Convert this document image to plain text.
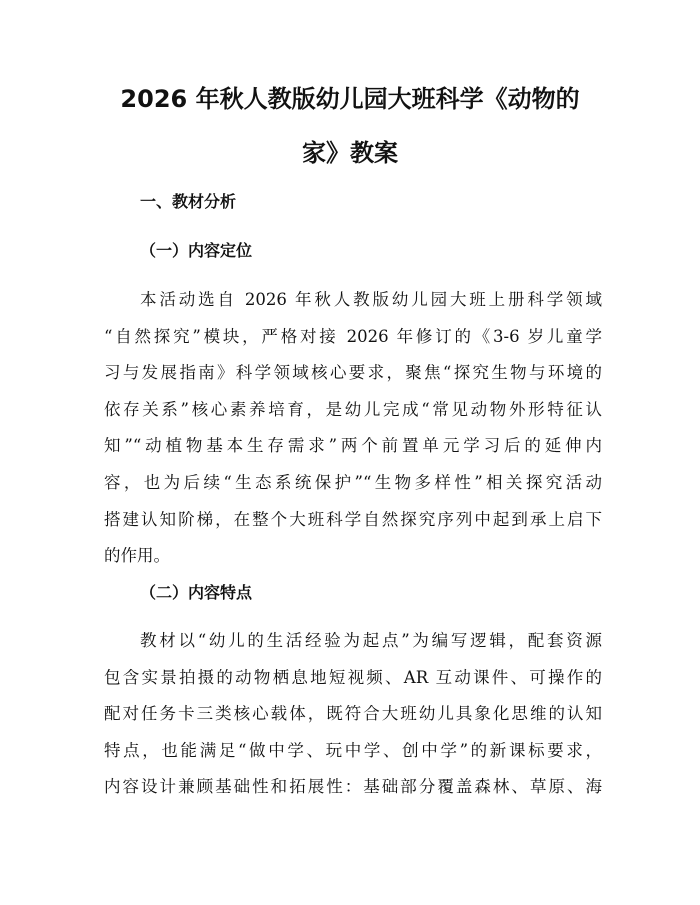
2026 年秋人教版幼儿园大班科学《动物的
家》教案
一、教材分析
（一）内容定位
本活动选自 2026 年秋人教版幼儿园大班上册科学领域
“自然探究”模块，严格对接 2026 年修订的《3-6 岁儿童学
习与发展指南》科学领域核心要求，聚焦“探究生物与环境的
依存关系”核心素养培育，是幼儿完成“常见动物外形特征认
知”“动植物基本生存需求”两个前置单元学习后的延伸内
容，也为后续“生态系统保护”“生物多样性”相关探究活动
搭建认知阶梯，在整个大班科学自然探究序列中起到承上启下
的作用。
（二）内容特点
教材以“幼儿的生活经验为起点”为编写逻辑，配套资源
包含实景拍摄的动物栖息地短视频、AR 互动课件、可操作的
配对任务卡三类核心载体，既符合大班幼儿具象化思维的认知
特点，也能满足“做中学、玩中学、创中学”的新课标要求，
内容设计兼顾基础性和拓展性：基础部分覆盖森林、草原、海
